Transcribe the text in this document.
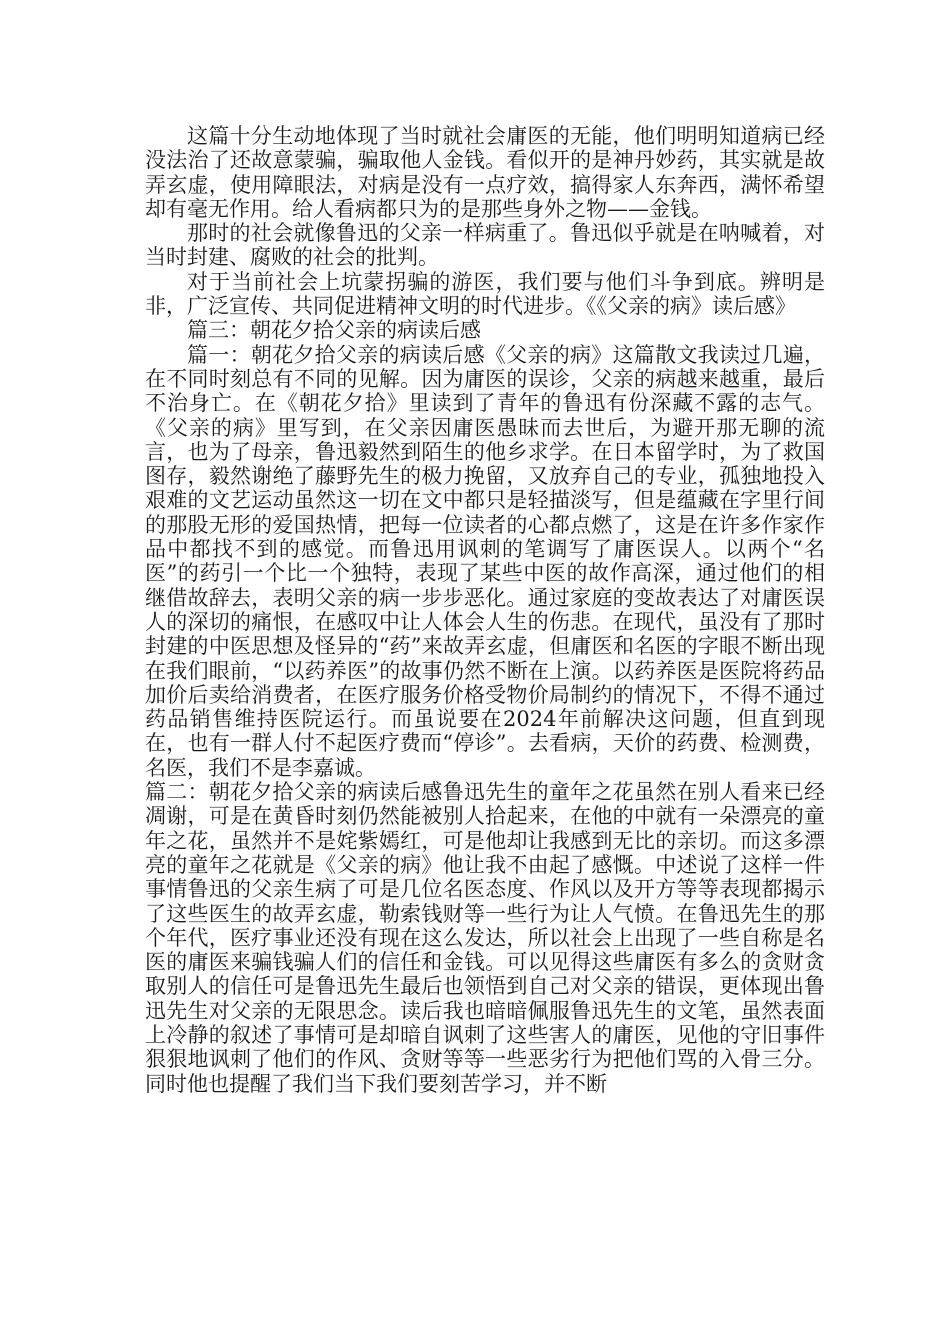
这篇十分生动地体现了当时就社会庸医的无能，他们明明知道病已经没法治了还故意蒙骗，骗取他人金钱。看似开的是神丹妙药，其实就是故弄玄虚，使用障眼法，对病是没有一点疗效，搞得家人东奔西，满怀希望却有毫无作用。给人看病都只为的是那些身外之物——金钱。

那时的社会就像鲁迅的父亲一样病重了。鲁迅似乎就是在呐喊着，对当时封建、腐败的社会的批判。

对于当前社会上坑蒙拐骗的游医，我们要与他们斗争到底。辨明是非，广泛宣传、共同促进精神文明的时代进步。《《父亲的病》读后感》

篇三：朝花夕拾父亲的病读后感

篇一：朝花夕拾父亲的病读后感《父亲的病》这篇散文我读过几遍，在不同时刻总有不同的见解。因为庸医的误诊，父亲的病越来越重，最后不治身亡。在《朝花夕拾》里读到了青年的鲁迅有份深藏不露的志气。《父亲的病》里写到，在父亲因庸医愚昧而去世后，为避开那无聊的流言，也为了母亲，鲁迅毅然到陌生的他乡求学。在日本留学时，为了救国图存，毅然谢绝了藤野先生的极力挽留，又放弃自己的专业，孤独地投入艰难的文艺运动虽然这一切在文中都只是轻描淡写，但是蕴藏在字里行间的那股无形的爱国热情，把每一位读者的心都点燃了，这是在许多作家作品中都找不到的感觉。而鲁迅用讽刺的笔调写了庸医误人。以两个“名医”的药引一个比一个独特，表现了某些中医的故作高深，通过他们的相继借故辞去，表明父亲的病一步步恶化。通过家庭的变故表达了对庸医误人的深切的痛恨，在感叹中让人体会人生的伤悲。在现代，虽没有了那时封建的中医思想及怪异的“药”来故弄玄虚，但庸医和名医的字眼不断出现在我们眼前，“以药养医”的故事仍然不断在上演。以药养医是医院将药品加价后卖给消费者，在医疗服务价格受物价局制约的情况下，不得不通过药品销售维持医院运行。而虽说要在2024年前解决这问题，但直到现在，也有一群人付不起医疗费而“停诊”。去看病，天价的药费、检测费，名医，我们不是李嘉诚。

篇二：朝花夕拾父亲的病读后感鲁迅先生的童年之花虽然在别人看来已经凋谢，可是在黄昏时刻仍然能被别人拾起来，在他的中就有一朵漂亮的童年之花，虽然并不是姹紫嫣红，可是他却让我感到无比的亲切。而这多漂亮的童年之花就是《父亲的病》他让我不由起了感慨。中述说了这样一件事情鲁迅的父亲生病了可是几位名医态度、作风以及开方等等表现都揭示了这些医生的故弄玄虚，勒索钱财等一些行为让人气愤。在鲁迅先生的那个年代，医疗事业还没有现在这么发达，所以社会上出现了一些自称是名医的庸医来骗钱骗人们的信任和金钱。可以见得这些庸医有多么的贪财贪取别人的信任可是鲁迅先生最后也领悟到自己对父亲的错误，更体现出鲁迅先生对父亲的无限思念。读后我也暗暗佩服鲁迅先生的文笔，虽然表面上冷静的叙述了事情可是却暗自讽刺了这些害人的庸医，见他的守旧事件狠狠地讽刺了他们的作风、贪财等等一些恶劣行为把他们骂的入骨三分。同时他也提醒了我们当下我们要刻苦学习，并不断
